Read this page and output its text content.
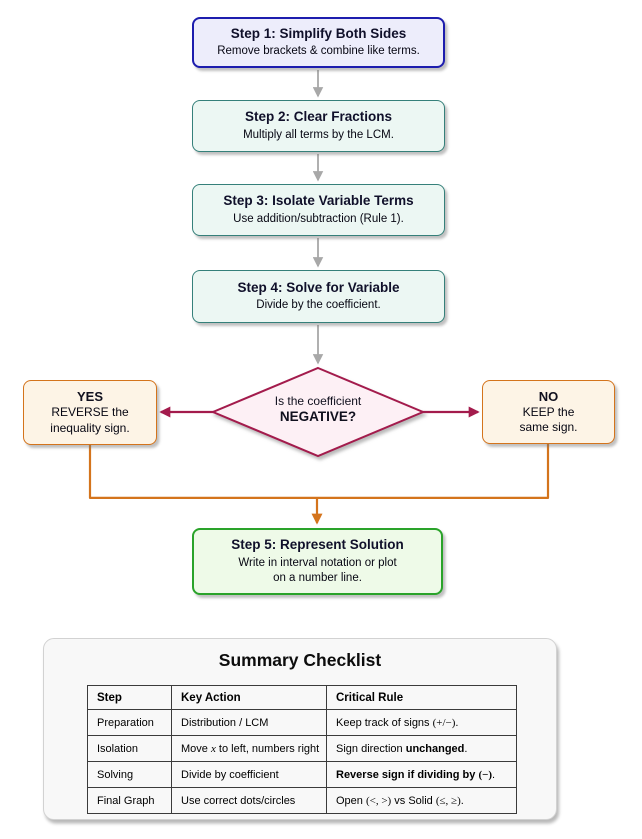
Step 1: Simplify Both Sides
Remove brackets & combine like terms.
Step 2: Clear Fractions
Multiply all terms by the LCM.
Step 3: Isolate Variable Terms
Use addition/subtraction (Rule 1).
Step 4: Solve for Variable
Divide by the coefficient.
Is the coefficient
NEGATIVE?
YES
REVERSE the
inequality sign.
NO
KEEP the
same sign.
Step 5: Represent Solution
Write in interval notation or plot
on a number line.
Summary Checklist
Step	Key Action	Critical Rule
Preparation	Distribution / LCM	Keep track of signs (+/−).
Isolation	Move x to left, numbers right	Sign direction unchanged.
Solving	Divide by coefficient	Reverse sign if dividing by (−).
Final Graph	Use correct dots/circles	Open (<, >) vs Solid (≤, ≥).
